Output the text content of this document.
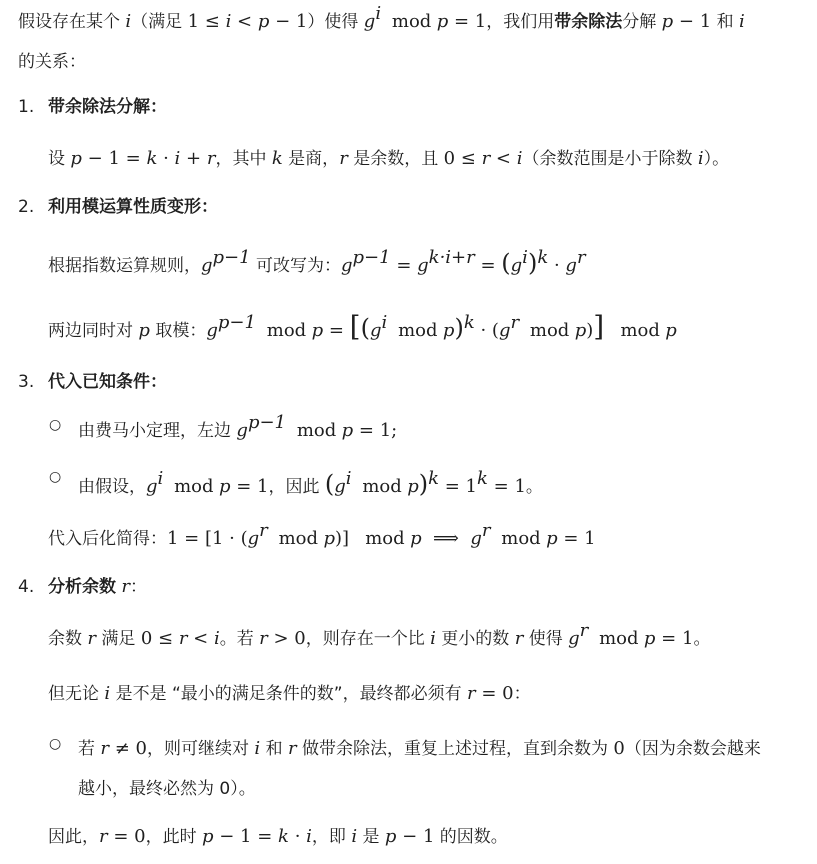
假设存在某个 i（满足 1 ≤ i < p − 1）使得 $g^i$ mod p = 1，我们用带余除法分解 p − 1 和 i
的关系：
1. 带余除法分解：
设 p − 1 = k · i + r，其中 k 是商，r 是余数，且 0 ≤ r < i（余数范围是小于除数 i）。
2. 利用模运算性质变形：
根据指数运算规则，$g^{p-1}$ 可改写为：$g^{p-1} = g^{k\cdot i+r} = (g^i)^k \cdot g^r$
两边同时对 p 取模：$g^{p-1}$ mod $p = [(g^i$ mod $p)^k \cdot (g^r$ mod p)] mod p
3. 代入已知条件：
○ 由费马小定理，左边 $g^{p-1}$ mod p = 1;
○ 由假设，$g^i$ mod p = 1，因此 ($g^i$ mod $p)^k = 1^k = 1$。
代入后化简得：$1 = [1 \cdot (g^r$ mod p)] mod p  ⟹  $g^r$ mod p = 1
4. 分析余数 r：
余数 r 满足 0 ≤ r < i。若 r > 0，则存在一个比 i 更小的数 r 使得 $g^r$ mod p = 1。
但无论 i 是不是 “最小的满足条件的数”，最终都必须有 r = 0：
○ 若 r ≠ 0，则可继续对 i 和 r 做带余除法，重复上述过程，直到余数为 0（因为余数会越来
越小，最终必然为 0）。
因此，r = 0，此时 p − 1 = k · i，即 i 是 p − 1 的因数。
